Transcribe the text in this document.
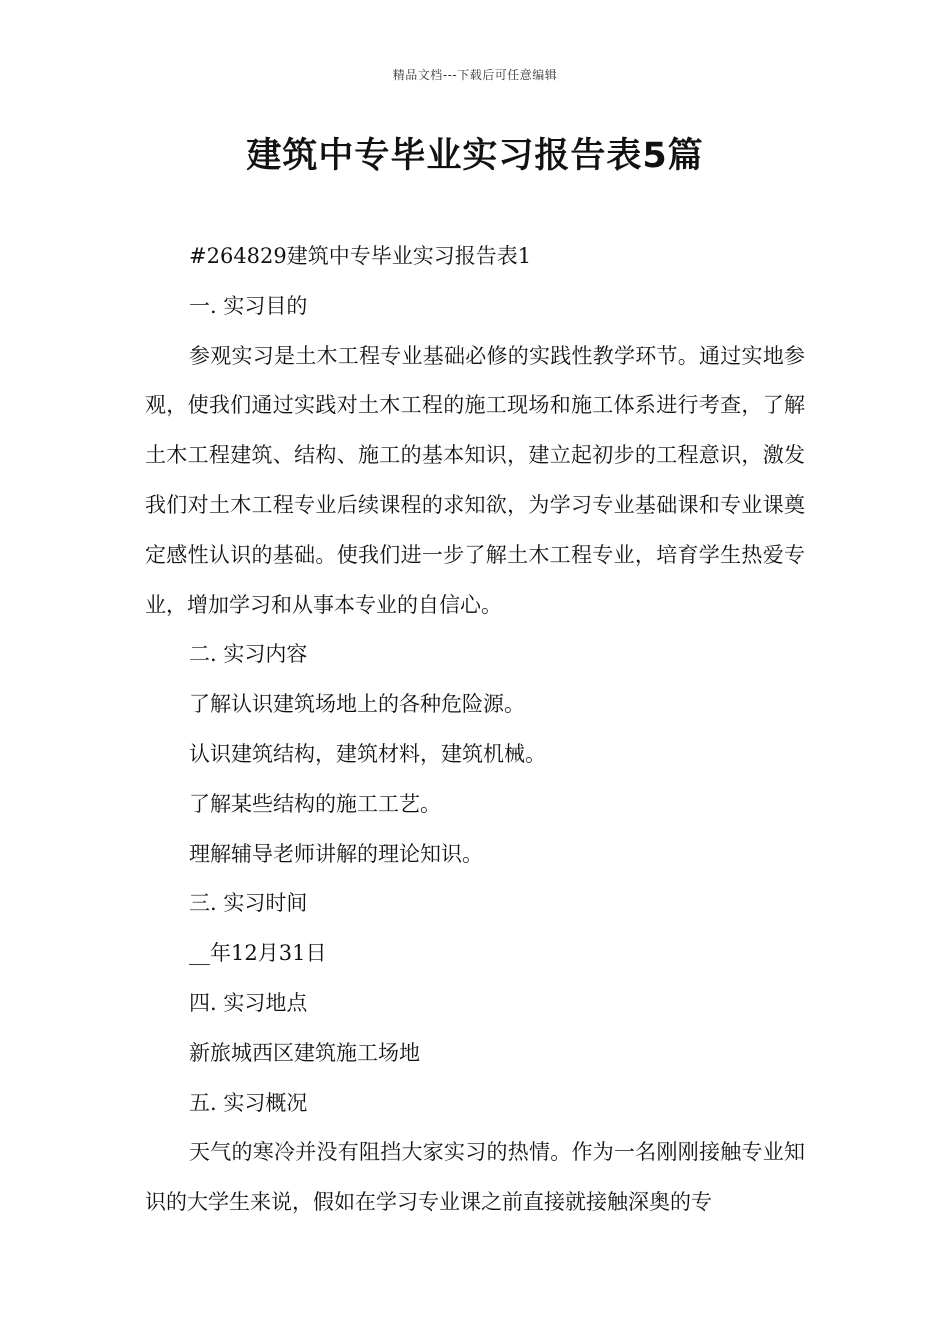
精品文档---下载后可任意编辑
建筑中专毕业实习报告表5篇

#264829建筑中专毕业实习报告表1

一. 实习目的

参观实习是土木工程专业基础必修的实践性教学环节。通过实地参观，使我们通过实践对土木工程的施工现场和施工体系进行考查，了解土木工程建筑、结构、施工的基本知识，建立起初步的工程意识，激发我们对土木工程专业后续课程的求知欲，为学习专业基础课和专业课奠定感性认识的基础。使我们进一步了解土木工程专业，培育学生热爱专业，增加学习和从事本专业的自信心。

二. 实习内容

了解认识建筑场地上的各种危险源。

认识建筑结构，建筑材料，建筑机械。

了解某些结构的施工工艺。

理解辅导老师讲解的理论知识。

三. 实习时间

__年12月31日

四. 实习地点

新旅城西区建筑施工场地

五. 实习概况

天气的寒冷并没有阻挡大家实习的热情。作为一名刚刚接触专业知识的大学生来说，假如在学习专业课之前直接就接触深奥的专
